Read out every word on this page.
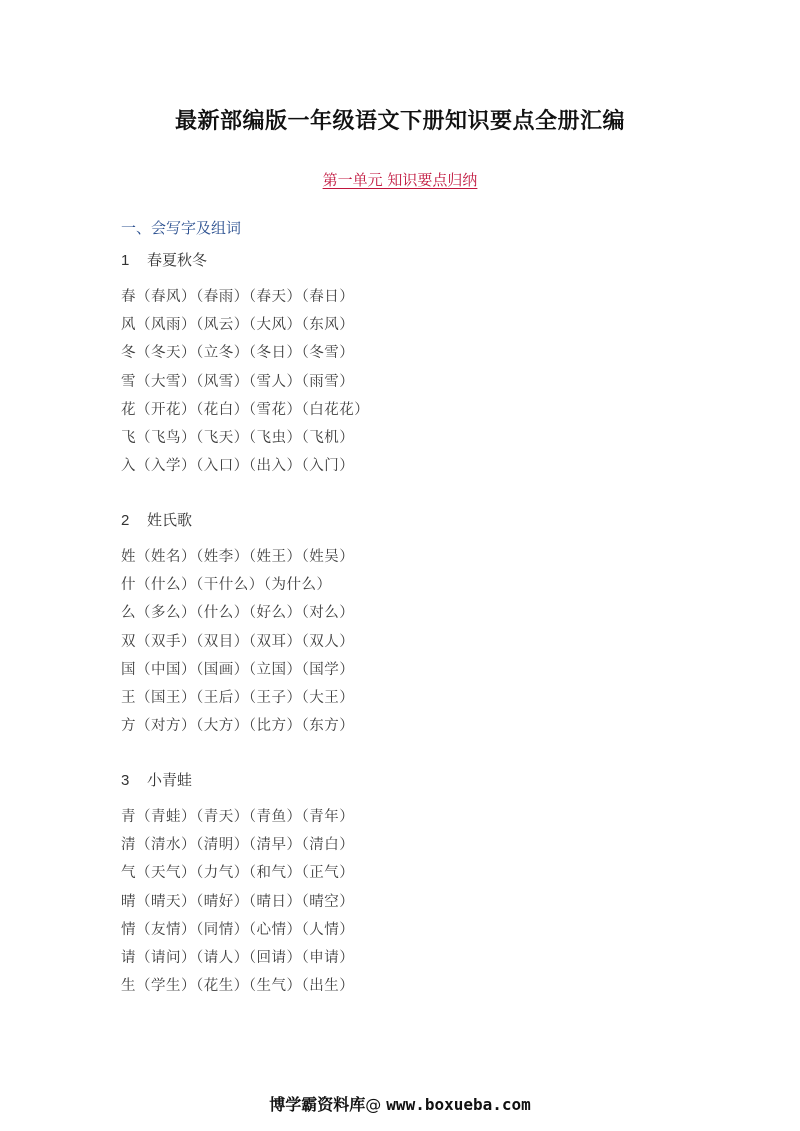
最新部编版一年级语文下册知识要点全册汇编
第一单元 知识要点归纳
一、会写字及组词
1 春夏秋冬
春（春风）（春雨）（春天）（春日）
风（风雨）（风云）（大风）（东风）
冬（冬天）（立冬）（冬日）（冬雪）
雪（大雪）（风雪）（雪人）（雨雪）
花（开花）（花白）（雪花）（白花花）
飞（飞鸟）（飞天）（飞虫）（飞机）
入（入学）（入口）（出入）（入门）
2 姓氏歌
姓（姓名）（姓李）（姓王）（姓吴）
什（什么）（干什么）（为什么）
么（多么）（什么）（好么）（对么）
双（双手）（双目）（双耳）（双人）
国（中国）（国画）（立国）（国学）
王（国王）（王后）（王子）（大王）
方（对方）（大方）（比方）（东方）
3 小青蛙
青（青蛙）（青天）（青鱼）（青年）
清（清水）（清明）（清早）（清白）
气（天气）（力气）（和气）（正气）
晴（晴天）（晴好）（晴日）（晴空）
情（友情）（同情）（心情）（人情）
请（请问）（请人）（回请）（申请）
生（学生）（花生）（生气）（出生）
博学霸资料库@ www.boxueba.com
